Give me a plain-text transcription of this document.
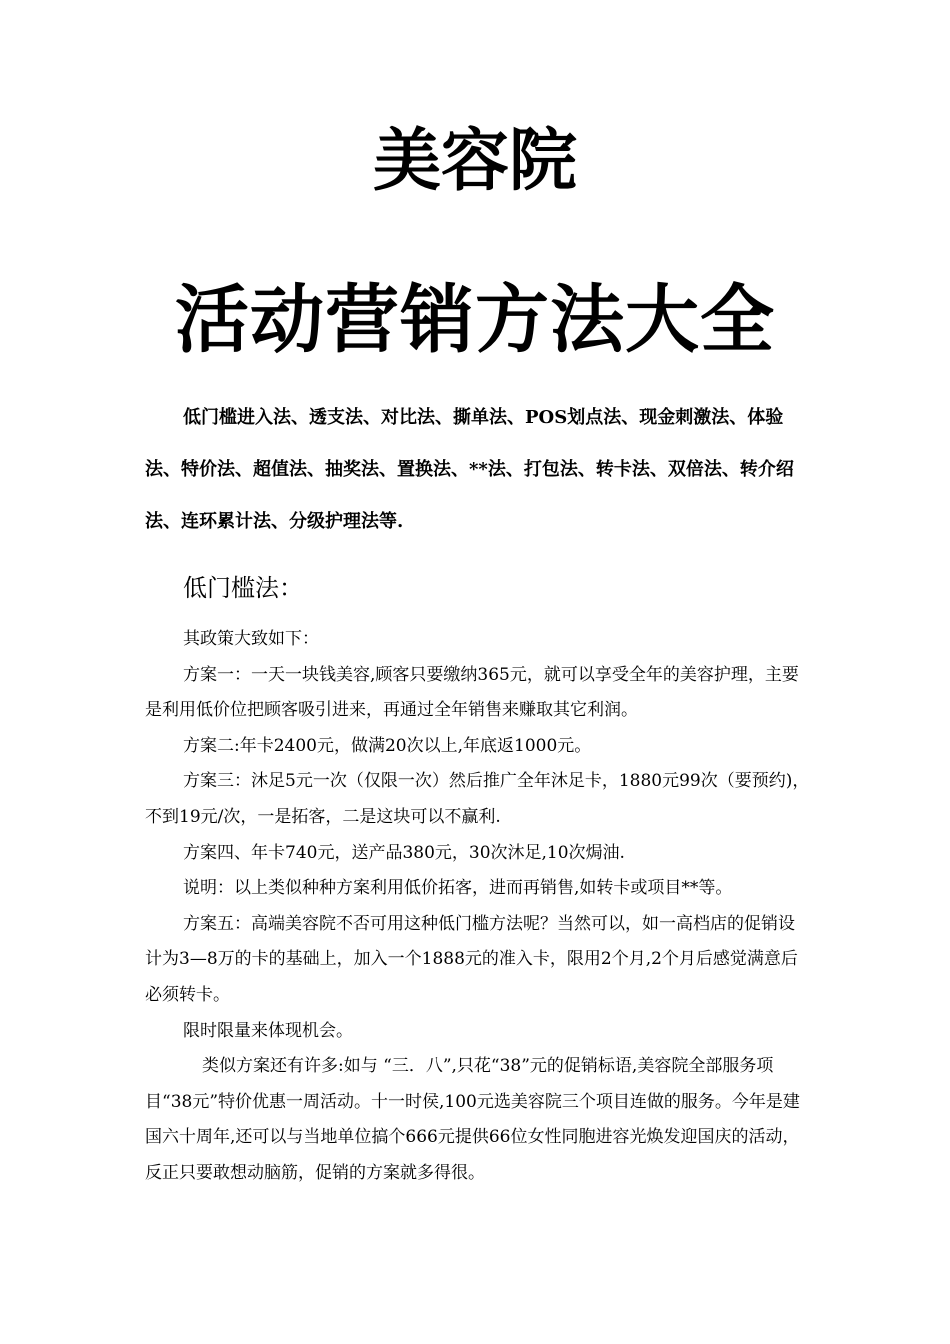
美容院
活动营销方法大全
低门槛进入法、透支法、对比法、撕单法、POS划点法、现金刺激法、体验法、特价法、超值法、抽奖法、置换法、**法、打包法、转卡法、双倍法、转介绍法、连环累计法、分级护理法等.
低门槛法：

其政策大致如下：

方案一：一天一块钱美容,顾客只要缴纳365元，就可以享受全年的美容护理，主要是利用低价位把顾客吸引进来，再通过全年销售来赚取其它利润。

方案二:年卡2400元，做满20次以上,年底返1000元。

方案三：沐足5元一次（仅限一次）然后推广全年沐足卡，1880元99次（要预约)，不到19元/次，一是拓客，二是这块可以不赢利.

方案四、年卡740元，送产品380元，30次沐足,10次焗油.

说明：以上类似种种方案利用低价拓客，进而再销售,如转卡或项目**等。

方案五：高端美容院不否可用这种低门槛方法呢？当然可以，如一高档店的促销设计为3—8万的卡的基础上，加入一个1888元的准入卡，限用2个月,2个月后感觉满意后必须转卡。

限时限量来体现机会。

类似方案还有许多:如与 “三．八”,只花“38”元的促销标语,美容院全部服务项目“38元”特价优惠一周活动。十一时侯,100元选美容院三个项目连做的服务。今年是建国六十周年,还可以与当地单位搞个666元提供66位女性同胞进容光焕发迎国庆的活动，反正只要敢想动脑筋，促销的方案就多得很。
